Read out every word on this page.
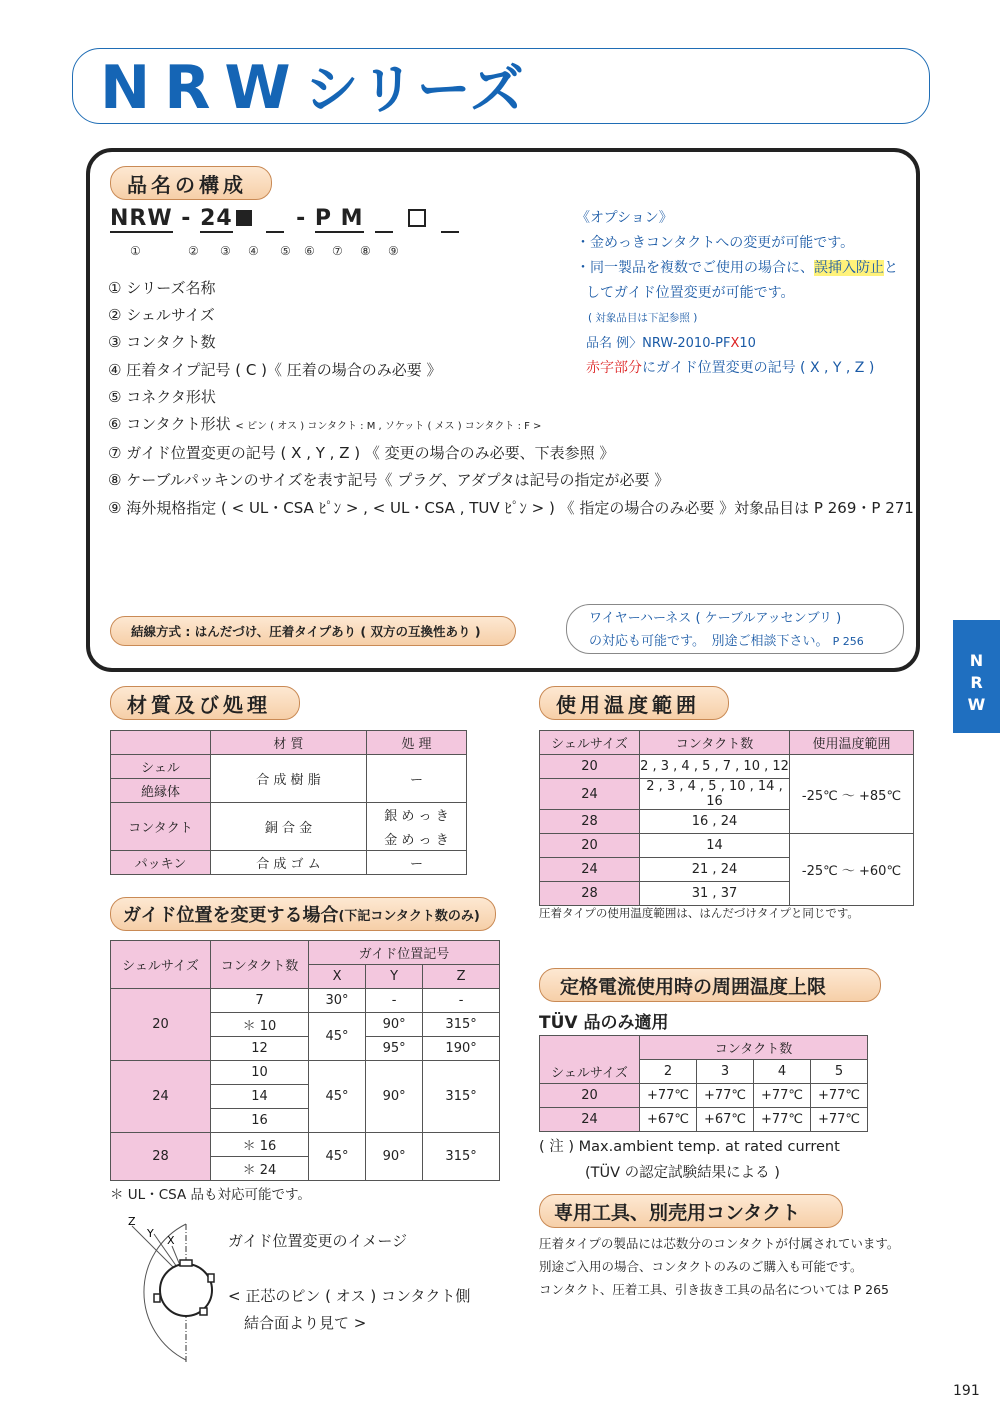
NRWシリーズ
品名の構成
NRW - 24	- P M
①	② ③ ④ ⑤ ⑥ ⑦ ⑧ ⑨
① シリーズ名称
② シェルサイズ
③ コンタクト数
④ 圧着タイプ記号 ( C )《 圧着の場合のみ必要 》
⑤ コネクタ形状
⑥ コンタクト形状 < ピン ( オス ) コンタクト : M , ソケット ( メス ) コンタクト : F >
⑦ ガイド位置変更の記号 ( X , Y , Z ) 《 変更の場合のみ必要、下表参照 》
⑧ ケーブルパッキンのサイズを表す記号《 プラグ、アダプタは記号の指定が必要 》
⑨ 海外規格指定 ( < UL・CSA ﾋﾟﾝ > , < UL・CSA , TUV ﾋﾟﾝ > ) 《 指定の場合のみ必要 》対象品目は P 269・P 271
《オプション》
・金めっきコンタクトへの変更が可能です。
・同一製品を複数でご使用の場合に、誤挿入防止と
してガイド位置変更が可能です。
( 対象品目は下記参照 )
品名 例〉NRW-2010-PFX10
赤字部分にガイド位置変更の記号 ( X , Y , Z )
結線方式 : はんだづけ、圧着タイプあり ( 双方の互換性あり )
ワイヤーハーネス ( ケーブルアッセンブリ )
の対応も可能です。　別途ご相談下さい。 P 256
N
R
W
材質及び処理
	材 質	処 理
シェル	合 成 樹 脂	ー
絶縁体		
コンタクト	銅 合 金	銀 め っ き
		金 め っ き
パッキン	合 成 ゴ ム	ー
使用温度範囲
シェルサイズ	コンタクト数	使用温度範囲
20	2 , 3 , 4 , 5 , 7 , 10 , 12	-25℃ 〜 +85℃
24	2 , 3 , 4 , 5 , 10 , 14 , 16	
28	16 , 24	
20	14	-25℃ 〜 +60℃
24	21 , 24	
28	31 , 37	
圧着タイプの使用温度範囲は、はんだづけタイプと同じです。
ガイド位置を変更する場合 (下記コンタクト数のみ)
シェルサイズ	コンタクト数	ガイド位置記号		
		X	Y	Z
20	7	30°	-	-
	＊ 10	45°	90°	315°
	12		95°	190°
24	10	45°	90°	315°
	14			
	16			
28	＊ 16	45°	90°	315°
	＊ 24			
＊ UL・CSA 品も対応可能です。
Z
Y
X	ガイド位置変更のイメージ
< 正芯のピン ( オス ) コンタクト側
結合面より見て >
定格電流使用時の周囲温度上限
TÜV 品のみ適用
	コンタクト数			
シェルサイズ	2	3	4	5
20	+77℃	+77℃	+77℃	+77℃
24	+67℃	+67℃	+77℃	+77℃
( 注 ) Max.ambient temp. at rated current
(TÜV の認定試験結果による )
専用工具、別売用コンタクト
圧着タイプの製品には芯数分のコンタクトが付属されています。
別途ご入用の場合、コンタクトのみのご購入も可能です。
コンタクト、圧着工具、引き抜き工具の品名については P 265
191
